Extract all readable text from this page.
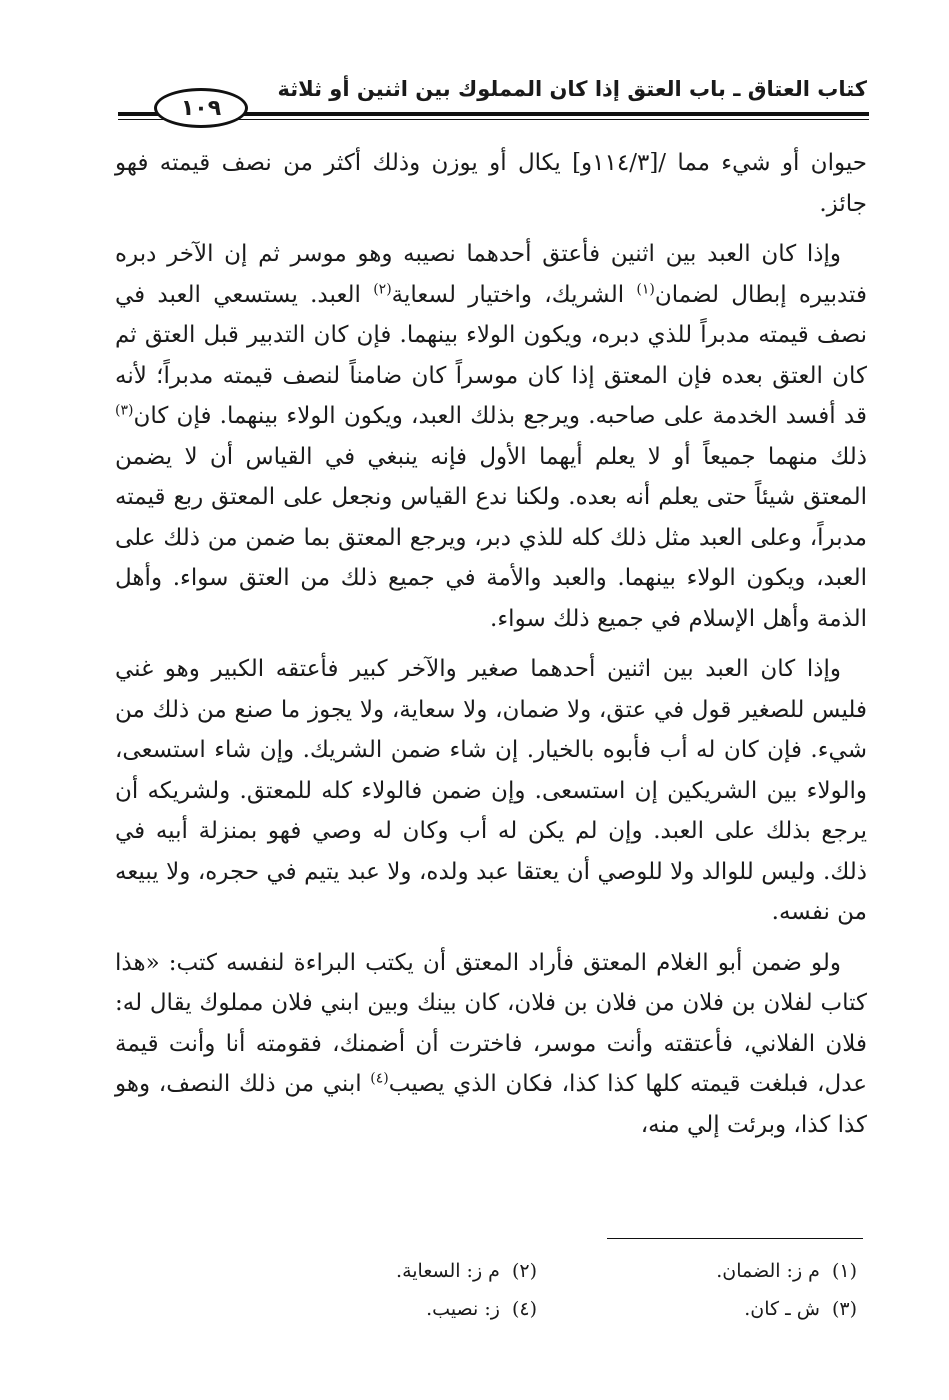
كتاب العتاق ـ باب العتق إذا كان المملوك بين اثنين أو ثلاثة
١٠٩

حيوان أو شيء مما /[١١٤/٣و] يكال أو يوزن وذلك أكثر من نصف قيمته فهو جائز.

وإذا كان العبد بين اثنين فأعتق أحدهما نصيبه وهو موسر ثم إن الآخر دبره فتدبيره إبطال لضمان$^{(١)}$ الشريك، واختيار لسعاية$^{(٢)}$ العبد. يستسعي العبد في نصف قيمته مدبراً للذي دبره، ويكون الولاء بينهما. فإن كان التدبير قبل العتق ثم كان العتق بعده فإن المعتق إذا كان موسراً كان ضامناً لنصف قيمته مدبراً؛ لأنه قد أفسد الخدمة على صاحبه. ويرجع بذلك العبد، ويكون الولاء بينهما. فإن كان$^{(٣)}$ ذلك منهما جميعاً أو لا يعلم أيهما الأول فإنه ينبغي في القياس أن لا يضمن المعتق شيئاً حتى يعلم أنه بعده. ولكنا ندع القياس ونجعل على المعتق ربع قيمته مدبراً، وعلى العبد مثل ذلك كله للذي دبر، ويرجع المعتق بما ضمن من ذلك على العبد، ويكون الولاء بينهما. والعبد والأمة في جميع ذلك من العتق سواء. وأهل الذمة وأهل الإسلام في جميع ذلك سواء.

وإذا كان العبد بين اثنين أحدهما صغير والآخر كبير فأعتقه الكبير وهو غني فليس للصغير قول في عتق، ولا ضمان، ولا سعاية، ولا يجوز ما صنع من ذلك من شيء. فإن كان له أب فأبوه بالخيار. إن شاء ضمن الشريك. وإن شاء استسعى، والولاء بين الشريكين إن استسعى. وإن ضمن فالولاء كله للمعتق. ولشريكه أن يرجع بذلك على العبد. وإن لم يكن له أب وكان له وصي فهو بمنزلة أبيه في ذلك. وليس للوالد ولا للوصي أن يعتقا عبد ولده، ولا عبد يتيم في حجره، ولا يبيعه من نفسه.

ولو ضمن أبو الغلام المعتق فأراد المعتق أن يكتب البراءة لنفسه كتب: «هذا كتاب لفلان بن فلان من فلان بن فلان، كان بينك وبين ابني فلان مملوك يقال له: فلان الفلاني، فأعتقته وأنت موسر، فاخترت أن أضمنك، فقومته أنا وأنت قيمة عدل، فبلغت قيمته كلها كذا كذا، فكان الذي يصيب$^{(٤)}$ ابني من ذلك النصف، وهو كذا كذا، وبرئت إلي منه،

(١)م ز: الضمان.
(٢)م ز: السعاية.
(٣)ش ـ كان.
(٤)ز: نصيب.
